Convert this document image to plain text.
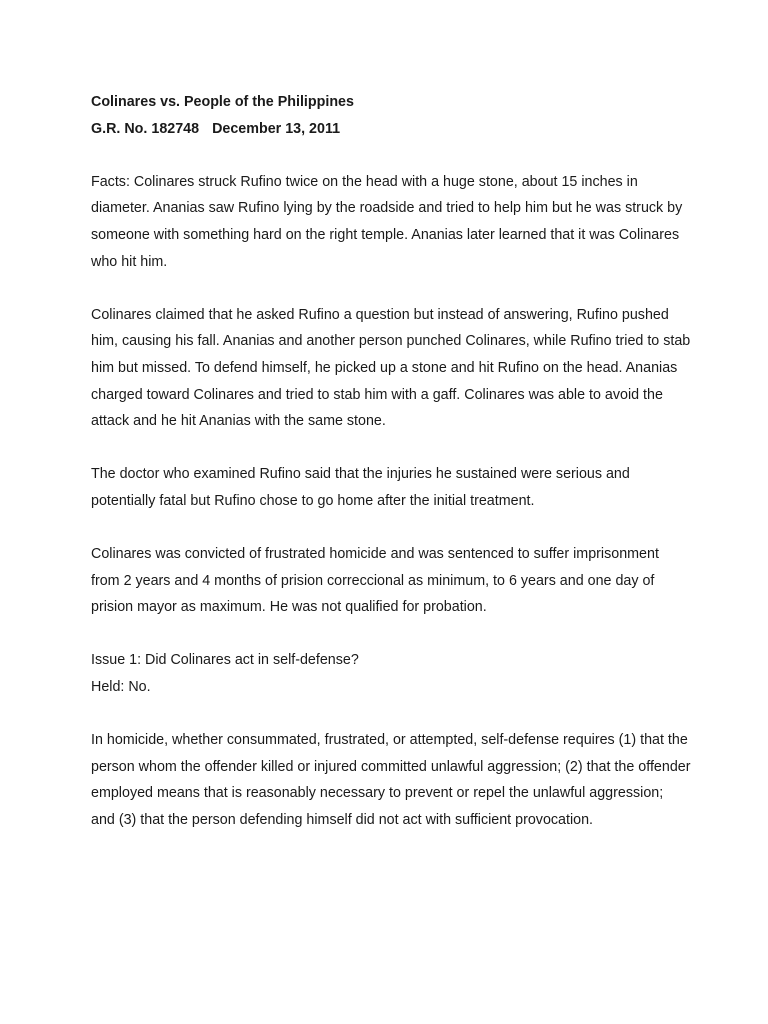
Colinares vs. People of the Philippines
G.R. No. 182748 December 13, 2011

Facts: Colinares struck Rufino twice on the head with a huge stone, about 15 inches in diameter. Ananias saw Rufino lying by the roadside and tried to help him but he was struck by someone with something hard on the right temple. Ananias later learned that it was Colinares who hit him.

Colinares claimed that he asked Rufino a question but instead of answering, Rufino pushed him, causing his fall. Ananias and another person punched Colinares, while Rufino tried to stab him but missed. To defend himself, he picked up a stone and hit Rufino on the head. Ananias charged toward Colinares and tried to stab him with a gaff. Colinares was able to avoid the attack and he hit Ananias with the same stone.

The doctor who examined Rufino said that the injuries he sustained were serious and potentially fatal but Rufino chose to go home after the initial treatment.

Colinares was convicted of frustrated homicide and was sentenced to suffer imprisonment from 2 years and 4 months of prision correccional as minimum, to 6 years and one day of prision mayor as maximum. He was not qualified for probation.

Issue 1: Did Colinares act in self-defense?

Held: No.

In homicide, whether consummated, frustrated, or attempted, self-defense requires (1) that the person whom the offender killed or injured committed unlawful aggression; (2) that the offender employed means that is reasonably necessary to prevent or repel the unlawful aggression; and (3) that the person defending himself did not act with sufficient provocation.
